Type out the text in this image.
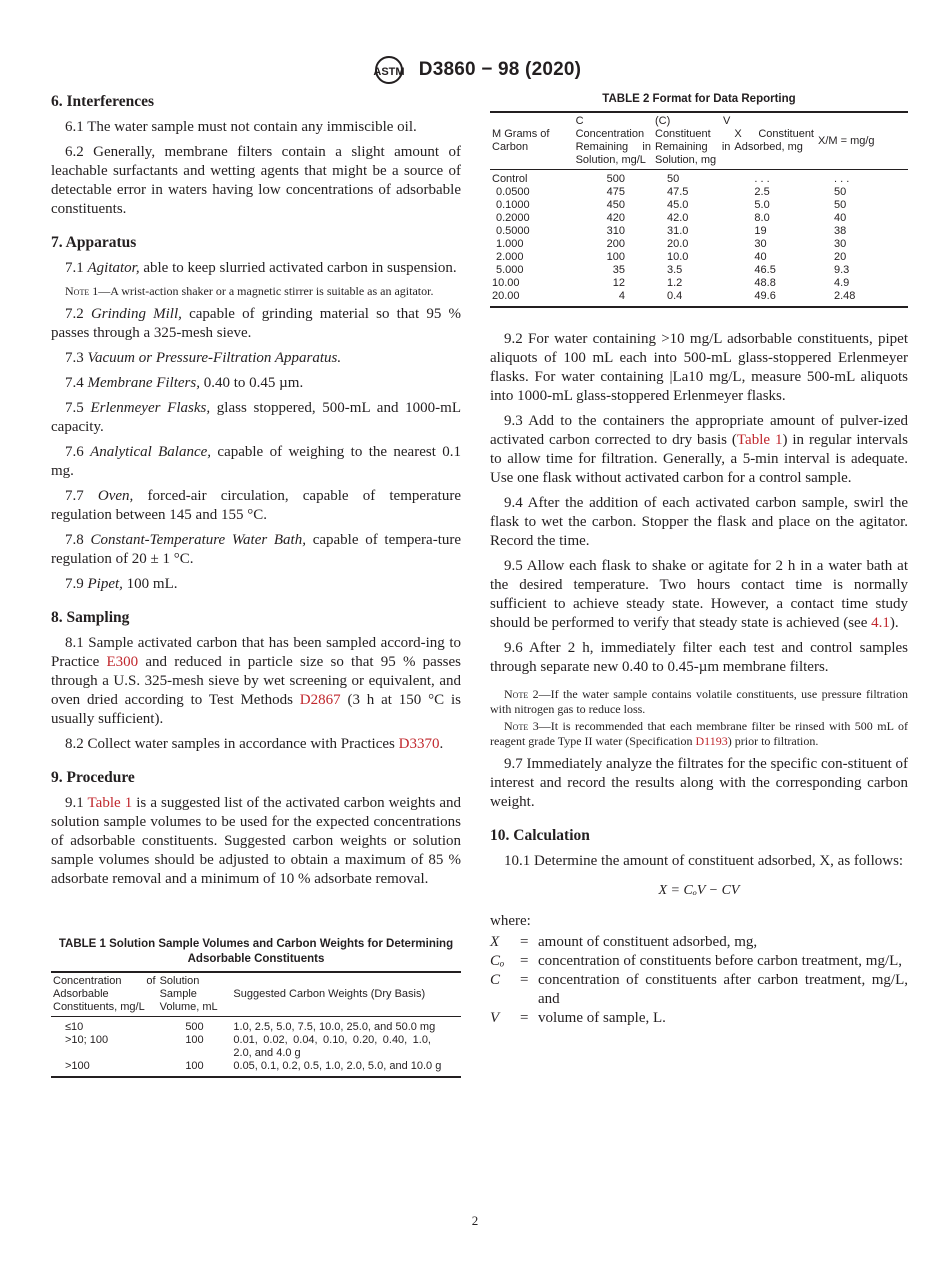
ASTM D3860 − 98 (2020)
6. Interferences

6.1 The water sample must not contain any immiscible oil.

6.2 Generally, membrane filters contain a slight amount of leachable surfactants and wetting agents that might be a source of detectable error in waters having low concentrations of adsorbable constituents.

7. Apparatus

7.1 Agitator, able to keep slurried activated carbon in suspension.

Note 1—A wrist-action shaker or a magnetic stirrer is suitable as an agitator.

7.2 Grinding Mill, capable of grinding material so that 95 % passes through a 325-mesh sieve.

7.3 Vacuum or Pressure-Filtration Apparatus.

7.4 Membrane Filters, 0.40 to 0.45 µm.

7.5 Erlenmeyer Flasks, glass stoppered, 500-mL and 1000-mL capacity.

7.6 Analytical Balance, capable of weighing to the nearest 0.1 mg.

7.7 Oven, forced-air circulation, capable of temperature regulation between 145 and 155 °C.

7.8 Constant-Temperature Water Bath, capable of tempera-ture regulation of 20 ± 1 °C.

7.9 Pipet, 100 mL.

8. Sampling

8.1 Sample activated carbon that has been sampled accord-ing to Practice E300 and reduced in particle size so that 95 % passes through a U.S. 325-mesh sieve by wet screening or equivalent, and oven dried according to Test Methods D2867 (3 h at 150 °C is usually sufficient).

8.2 Collect water samples in accordance with Practices D3370.

9. Procedure

9.1 Table 1 is a suggested list of the activated carbon weights and solution sample volumes to be used for the expected concentrations of adsorbable constituents. Suggested carbon weights or solution sample volumes should be adjusted to obtain a maximum of 85 % adsorbate removal and a minimum of 10 % adsorbate removal.

TABLE 1 Solution Sample Volumes and Carbon Weights for Determining Adsorbable Constituents
Concentration of Adsorbable Constituents, mg/L	Solution Sample Volume, mL	Suggested Carbon Weights (Dry Basis)
≤10	500	1.0, 2.5, 5.0, 7.5, 10.0, 25.0, and 50.0 mg
>10; 100	100	0.01, 0.02, 0.04, 0.10, 0.20, 0.40, 1.0, 2.0, and 4.0 g
>100	100	0.05, 0.1, 0.2, 0.5, 1.0, 2.0, 5.0, and 10.0 g
TABLE 2 Format for Data Reporting
M Grams of Carbon	C Concentration Remaining in Solution, mg/L	(C) V Constituent Remaining in Solution, mg	X Constituent Adsorbed, mg	X/M = mg/g
Control	500	50	. . .	. . .
0.0500	475	47.5	2.5	50
0.1000	450	45.0	5.0	50
0.2000	420	42.0	8.0	40
0.5000	310	31.0	19	38
1.000	200	20.0	30	30
2.000	100	10.0	40	20
5.000	35	3.5	46.5	9.3
10.00	12	1.2	48.8	4.9
20.00	4	0.4	49.6	2.48

9.2 For water containing >10 mg/L adsorbable constituents, pipet aliquots of 100 mL each into 500-mL glass-stoppered Erlenmeyer flasks. For water containing |La10 mg/L, measure 500-mL aliquots into 1000-mL glass-stoppered Erlenmeyer flasks.

9.3 Add to the containers the appropriate amount of pulver-ized activated carbon corrected to dry basis (Table 1) in regular intervals to allow time for filtration. Generally, a 5-min interval is adequate. Use one flask without activated carbon for a control sample.

9.4 After the addition of each activated carbon sample, swirl the flask to wet the carbon. Stopper the flask and place on the agitator. Record the time.

9.5 Allow each flask to shake or agitate for 2 h in a water bath at the desired temperature. Two hours contact time is normally sufficient to achieve steady state. However, a contact time study should be performed to verify that steady state is achieved (see 4.1).

9.6 After 2 h, immediately filter each test and control samples through separate new 0.40 to 0.45-µm membrane filters.

Note 2—If the water sample contains volatile constituents, use pressure filtration with nitrogen gas to reduce loss.
Note 3—It is recommended that each membrane filter be rinsed with 500 mL of reagent grade Type II water (Specification D1193) prior to filtration.

9.7 Immediately analyze the filtrates for the specific con-stituent of interest and record the results along with the corresponding carbon weight.

10. Calculation

10.1 Determine the amount of constituent adsorbed, X, as follows:

X = CₒV − CV
where:
X	= amount of constituent adsorbed, mg,
Cₒ	= concentration of constituents before carbon treatment, mg/L,
C	= concentration of constituents after carbon treatment, mg/L, and
V	= volume of sample, L.
2
